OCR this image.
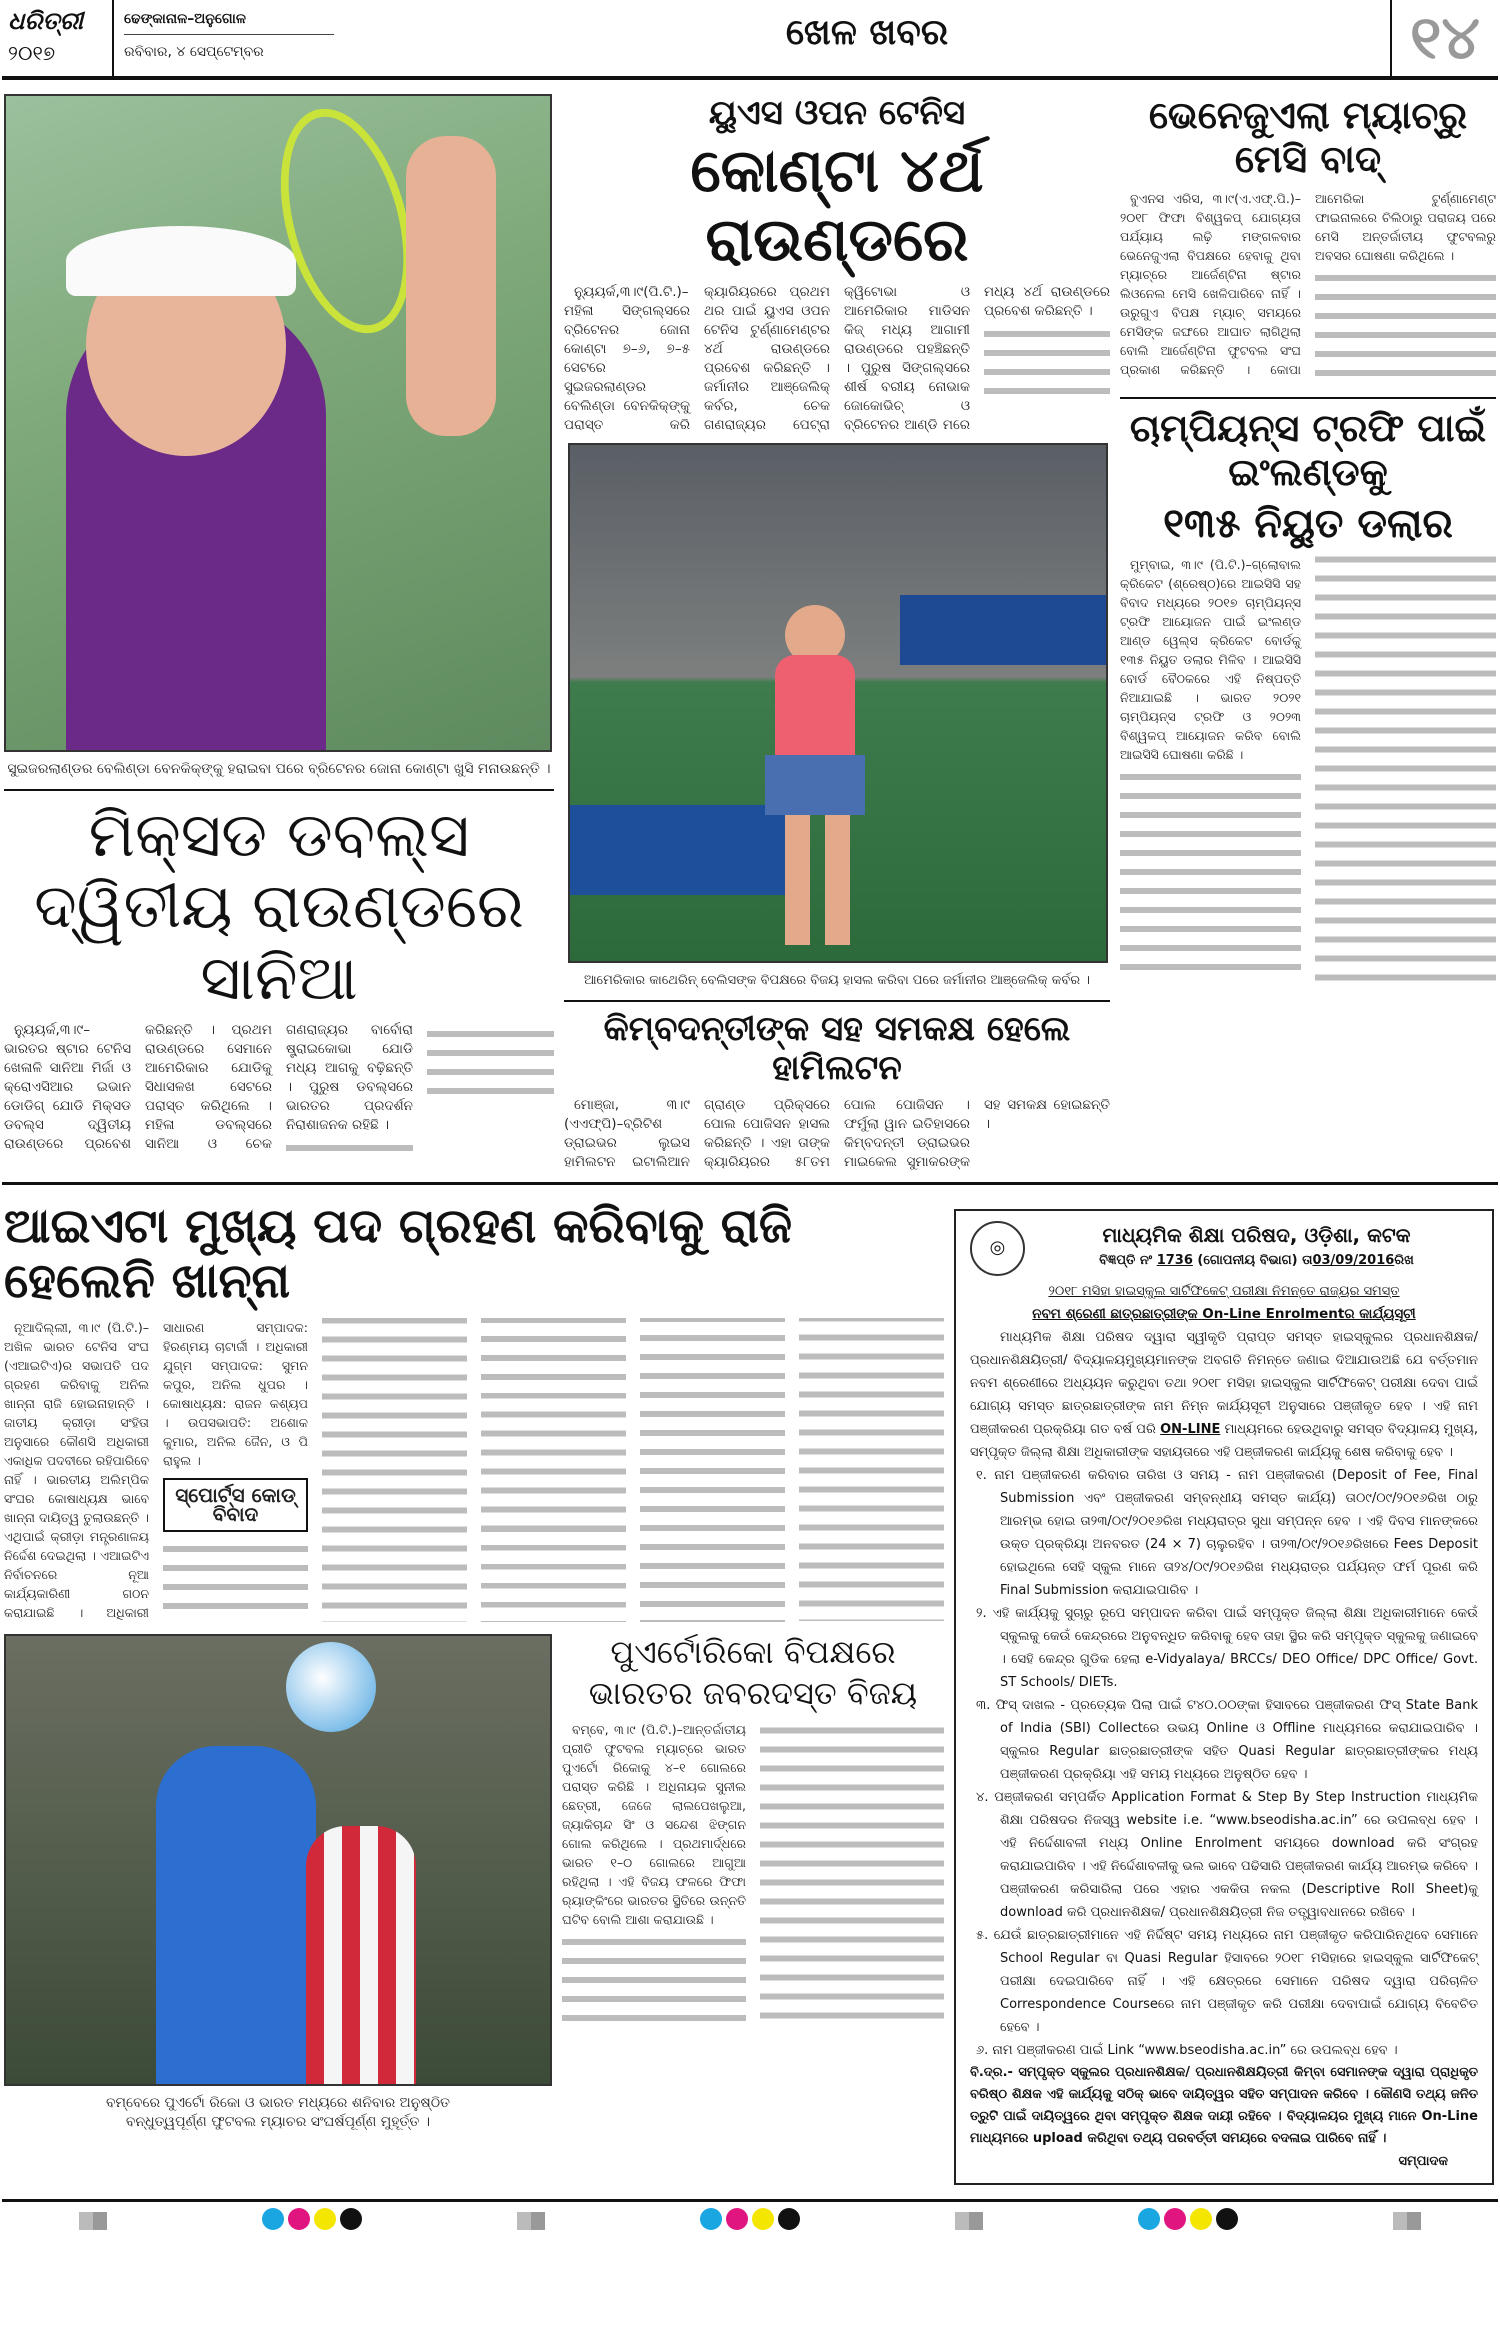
ଧରିତ୍ରୀ
୨୦୧୭
ଢେଙ୍କାନାଳ–ଅନୁଗୋଳ
ରବିବାର, ୪ ସେପ୍ଟେମ୍ବର	ଖେଳ ଖବର	୧୪
ସୁଇଜରଲାଣ୍ଡର ବେଲିଣ୍ଡା ବେନକିକ୍‌ଙ୍କୁ ହରାଇବା ପରେ ବ୍ରିଟେନର ଜୋନା କୋଣ୍ଟା ଖୁସି ମନାଉଛନ୍ତି ।
ମିକ୍ସଡ ଡବଲ୍ସ ଦ୍ୱିତୀୟ ରାଉଣ୍ଡରେ ସାନିଆ

ନ୍ୟୁୟର୍କ,୩।୯–ଭାରତର ଷ୍ଟାର ଟେନିସ ଖେଳାଳି ସାନିଆ ମିର୍ଜା ଓ କ୍ରୋଏସିଆର ଇଭାନ ଡୋଡିଗ୍ ଯୋଡି ମିକ୍ସଡ ଡବଲ୍ସ ଦ୍ୱିତୀୟ ରାଉଣ୍ଡରେ ପ୍ରବେଶ କରିଛନ୍ତି । ପ୍ରଥମ ରାଉଣ୍ଡରେ ସେମାନେ ଆମେରିକାର ଯୋଡିକୁ ସିଧାସଳଖ ସେଟରେ ପରାସ୍ତ କରିଥିଲେ । ମହିଳା ଡବଲ୍ସରେ ସାନିଆ ଓ ଚେକ ଗଣରାଜ୍ୟର ବାର୍ବୋରା ଷ୍ଟ୍ରାଇକୋଭା ଯୋଡି ମଧ୍ୟ ଆଗକୁ ବଢ଼ିଛନ୍ତି । ପୁରୁଷ ଡବଲ୍ସରେ ଭାରତର ପ୍ରଦର୍ଶନ ନିରାଶାଜନକ ରହିଛି ।

ୟୁଏସ ଓପନ ଟେନିସ
କୋଣ୍ଟା ୪ର୍ଥ ରାଉଣ୍ଡରେ

ନ୍ୟୁୟର୍କ,୩।୯(ପି.ଟି.)– ମହିଳା ସିଙ୍ଗଲ୍‌ସରେ ବ୍ରିଟେନର ଜୋନା କୋଣ୍ଟା ୭–୬, ୭–୫ ସେଟରେ ସୁଇଜରଲାଣ୍ଡର ବେଲିଣ୍ଡା ବେନକିକ୍‌ଙ୍କୁ ପରାସ୍ତ କରି କ୍ୟାରିୟରରେ ପ୍ରଥମ ଥର ପାଇଁ ୟୁଏସ ଓପନ ଟେନିସ ଟୁର୍ଣ୍ଣାମେଣ୍ଟର ୪ର୍ଥ ରାଉଣ୍ଡରେ ପ୍ରବେଶ କରିଛନ୍ତି । ଜର୍ମାନୀର ଆଞ୍ଜେଲିକ୍ କର୍ବର, ଚେକ ଗଣରାଜ୍ୟର ପେଟ୍ରା କ୍ୱିଟୋଭା ଓ ଆମେରିକାର ମାଡିସନ କିଜ୍ ମଧ୍ୟ ଆଗାମୀ ରାଉଣ୍ଡରେ ପହଞ୍ଚିଛନ୍ତି । ପୁରୁଷ ସିଙ୍ଗଲ୍‌ସରେ ଶୀର୍ଷ ବରୀୟ ନୋଭାକ ଜୋକୋଭିଚ୍ ଓ ବ୍ରିଟେନର ଆଣ୍ଡି ମରେ ମଧ୍ୟ ୪ର୍ଥ ରାଉଣ୍ଡରେ ପ୍ରବେଶ କରିଛନ୍ତି ।

ଆମେରିକାର କାଥେରିନ୍ ବେଲିସଙ୍କ ବିପକ୍ଷରେ ବିଜୟ ହାସଲ କରିବା ପରେ ଜର୍ମାନୀର ଆଞ୍ଜେଲିକ୍ କର୍ବର ।
କିମ୍ବଦନ୍ତୀଙ୍କ ସହ ସମକକ୍ଷ ହେଲେ ହାମିଲଟନ

ମୋଞ୍ଜା, ୩।୯ (ଏଏଫ୍‌ପି)–ବ୍ରିଟିଶ ଡ୍ରାଇଭର ଲୁଇସ ହାମିଲଟନ ଇଟାଲିଆନ ଗ୍ରାଣ୍ଡ ପ୍ରିକ୍ସରେ ପୋଲ ପୋଜିସନ ହାସଲ କରିଛନ୍ତି । ଏହା ତାଙ୍କ କ୍ୟାରିୟରର ୫୮ତମ ପୋଲ ପୋଜିସନ । ଫର୍ମୁଲା ୱାନ ଇତିହାସରେ କିମ୍ବଦନ୍ତୀ ଡ୍ରାଇଭର ମାଇକେଲ ସୁମାକରଙ୍କ ସହ ସମକକ୍ଷ ହୋଇଛନ୍ତି ।

ଭେନେଜୁଏଲା ମ୍ୟାଚ୍‌ରୁ ମେସି ବାଦ୍

ବୁଏନସ ଏରିସ, ୩।୯(ଏ.ଏଫ୍.ପି.)– ୨୦୧୮ ଫିଫା ବିଶ୍ୱକପ୍ ଯୋଗ୍ୟତା ପର୍ଯ୍ୟାୟ ଲଢ଼ି ମଙ୍ଗଳବାର ଭେନେଜୁଏଲା ବିପକ୍ଷରେ ହେବାକୁ ଥିବା ମ୍ୟାଚ୍‌ରେ ଆର୍ଜେଣ୍ଟିନା ଷ୍ଟାର ଲିଓନେଲ ମେସି ଖେଳିପାରିବେ ନାହିଁ । ଉରୁଗୁଏ ବିପକ୍ଷ ମ୍ୟାଚ୍ ସମୟରେ ମେସିଙ୍କ ଜଙ୍ଘରେ ଆଘାତ ଲାଗିଥିଲା ବୋଲି ଆର୍ଜେଣ୍ଟିନା ଫୁଟବଲ ସଂଘ ପ୍ରକାଶ କରିଛନ୍ତି । କୋପା ଆମେରିକା ଟୁର୍ଣ୍ଣାମେଣ୍ଟ ଫାଇନାଲରେ ଚିଲିଠାରୁ ପରାଜୟ ପରେ ମେସି ଅନ୍ତର୍ଜାତୀୟ ଫୁଟବଲରୁ ଅବସର ଘୋଷଣା କରିଥିଲେ ।

ଚାମ୍ପିୟନ୍ସ ଟ୍ରଫି ପାଇଁ ଇଂଲଣ୍ଡକୁ
୧୩୫ ନିୟୁତ ଡଲାର

ମୁମ୍ବାଇ, ୩।୯ (ପି.ଟି.)–ଗ୍ଲୋବାଲ କ୍ରିକେଟ (ଶ୍ରେଷ୍ଠ)ରେ ଆଇସିସି ସହ ବିବାଦ ମଧ୍ୟରେ ୨୦୧୭ ଚାମ୍ପିୟନ୍ସ ଟ୍ରଫି ଆୟୋଜନ ପାଇଁ ଇଂଲଣ୍ଡ ଆଣ୍ଡ ୱେଲ୍‌ସ କ୍ରିକେଟ ବୋର୍ଡକୁ ୧୩୫ ନିୟୁତ ଡଲାର ମିଳିବ । ଆଇସିସି ବୋର୍ଡ ବୈଠକରେ ଏହି ନିଷ୍ପତ୍ତି ନିଆଯାଇଛି । ଭାରତ ୨୦୨୧ ଚାମ୍ପିୟନ୍ସ ଟ୍ରଫି ଓ ୨୦୨୩ ବିଶ୍ୱକପ୍ ଆୟୋଜନ କରିବ ବୋଲି ଆଇସିସି ଘୋଷଣା କରିଛି ।

ଆଇଏଟା ମୁଖ୍ୟ ପଦ ଗ୍ରହଣ କରିବାକୁ ରାଜି ହେଲେନି ଖାନ୍ନା

ନୂଆଦିଲ୍ଲୀ, ୩।୯ (ପି.ଟି.)– ଅଖିଳ ଭାରତ ଟେନିସ ସଂଘ (ଏଆଇଟିଏ)ର ସଭାପତି ପଦ ଗ୍ରହଣ କରିବାକୁ ଅନିଲ ଖାନ୍ନା ରାଜି ହୋଇନାହାନ୍ତି । ଜାତୀୟ କ୍ରୀଡ଼ା ସଂହିତା ଅନୁସାରେ କୌଣସି ଅଧିକାରୀ ଏକାଧିକ ପଦବୀରେ ରହିପାରିବେ ନାହିଁ । ଭାରତୀୟ ଅଲିମ୍ପିକ ସଂଘର କୋଷାଧ୍ୟକ୍ଷ ଭାବେ ଖାନ୍ନା ଦାୟିତ୍ୱ ତୁଲାଉଛନ୍ତି । ଏଥିପାଇଁ କ୍ରୀଡ଼ା ମନ୍ତ୍ରଣାଳୟ ନିର୍ଦ୍ଦେଶ ଦେଇଥିଲା । ଏଆଇଟିଏ ନିର୍ବାଚନରେ ନୂଆ କାର୍ଯ୍ୟକାରିଣୀ ଗଠନ କରାଯାଇଛି । ଅଧିକାରୀ ସାଧାରଣ ସମ୍ପାଦକ: ହିରଣ୍ମୟ ଚାଟାର୍ଜୀ । ଅଧିକାରୀ ଯୁଗ୍ମ ସମ୍ପାଦକ: ସୁମନ କପୁର, ଅନିଲ ଧୁପର । କୋଷାଧ୍ୟକ୍ଷ: ରାଜନ କଶ୍ୟପ । ଉପସଭାପତି: ଅଶୋକ କୁମାର, ଅନିଲ ଜୈନ, ଓ ପି ରାହୁଲ ।

ସ୍ପୋର୍ଟ୍ସ କୋଡ୍ ବିବାଦ
ବମ୍ବେରେ ପୁଏର୍ଟୋ ରିକୋ ଓ ଭାରତ ମଧ୍ୟରେ ଶନିବାର ଅନୁଷ୍ଠିତ
ବନ୍ଧୁତ୍ୱପୂର୍ଣ୍ଣ ଫୁଟବଲ ମ୍ୟାଚର ସଂଘର୍ଷପୂର୍ଣ୍ଣ ମୁହୂର୍ତ୍ତ ।
ପୁଏର୍ଟୋରିକୋ ବିପକ୍ଷରେ
ଭାରତର ଜବରଦସ୍ତ ବିଜୟ

ବମ୍ବେ, ୩।୯ (ପି.ଟି.)–ଆନ୍ତର୍ଜାତୀୟ ପ୍ରୀତି ଫୁଟବଲ ମ୍ୟାଚ୍‌ରେ ଭାରତ ପୁଏର୍ଟୋ ରିକୋକୁ ୪–୧ ଗୋଲରେ ପରାସ୍ତ କରିଛି । ଅଧିନାୟକ ସୁନୀଲ ଛେତ୍ରୀ, ଜେଜେ ଲାଲପେଖଲୁଆ, ଜ୍ୟାକିଚାନ୍ଦ ସିଂ ଓ ସନ୍ଦେଶ ଝିଙ୍ଗନ ଗୋଲ କରିଥିଲେ । ପ୍ରଥମାର୍ଦ୍ଧରେ ଭାରତ ୧–୦ ଗୋଲରେ ଆଗୁଆ ରହିଥିଲା । ଏହି ବିଜୟ ଫଳରେ ଫିଫା ର‌୍ୟାଙ୍କିଂରେ ଭାରତର ସ୍ଥିତିରେ ଉନ୍ନତି ଘଟିବ ବୋଲି ଆଶା କରାଯାଉଛି ।

◎
ମାଧ୍ୟମିକ ଶିକ୍ଷା ପରିଷଦ, ଓଡ଼ିଶା, କଟକ
ବିଜ୍ଞପ୍ତି ନଂ 1736 (ଗୋପନୀୟ ବିଭାଗ) ତା03/09/2016ରିଖ
୨୦୧୮ ମସିହା ହାଇସ୍କୁଲ ସାର୍ଟିଫିକେଟ୍ ପରୀକ୍ଷା ନିମନ୍ତେ ରାଜ୍ୟର ସମସ୍ତ
ନବମ ଶ୍ରେଣୀ ଛାତ୍ରଛାତ୍ରୀଙ୍କ On-Line Enrolmentର କାର୍ଯ୍ୟସୂଚୀ
ମାଧ୍ୟମିକ ଶିକ୍ଷା ପରିଷଦ ଦ୍ୱାରା ସ୍ୱୀକୃତି ପ୍ରାପ୍ତ ସମସ୍ତ ହାଇସ୍କୁଲର ପ୍ରଧାନଶିକ୍ଷକ/ ପ୍ରଧାନଶିକ୍ଷୟିତ୍ରୀ/ ବିଦ୍ୟାଳୟମୁଖ୍ୟମାନଙ୍କ ଅବଗତି ନିମନ୍ତେ ଜଣାଇ ଦିଆଯାଉଅଛି ଯେ ବର୍ତ୍ତମାନ ନବମ ଶ୍ରେଣୀରେ ଅଧ୍ୟୟନ କରୁଥିବା ତଥା ୨୦୧୮ ମସିହା ହାଇସ୍କୁଲ ସାର୍ଟିଫିକେଟ୍ ପରୀକ୍ଷା ଦେବା ପାଇଁ ଯୋଗ୍ୟ ସମସ୍ତ ଛାତ୍ରଛାତ୍ରୀଙ୍କ ନାମ ନିମ୍ନ କାର୍ଯ୍ୟସୂଚୀ ଅନୁସାରେ ପଞ୍ଜୀକୃତ ହେବ । ଏହି ନାମ ପଞ୍ଜୀକରଣ ପ୍ରକ୍ରିୟା ଗତ ବର୍ଷ ପରି ON-LINE ମାଧ୍ୟମରେ ହେଉଥିବାରୁ ସମସ୍ତ ବିଦ୍ୟାଳୟ ମୁଖ୍ୟ, ସମ୍ପୃକ୍ତ ଜିଲ୍ଲା ଶିକ୍ଷା ଅଧିକାରୀଙ୍କ ସହାୟତାରେ ଏହି ପଞ୍ଜୀକରଣ କାର୍ଯ୍ୟକୁ ଶେଷ କରିବାକୁ ହେବ ।
୧. ନାମ ପଞ୍ଜୀକରଣ କରିବାର ତାରିଖ ଓ ସମୟ - ନାମ ପଞ୍ଜୀକରଣ (Deposit of Fee, Final Submission ଏବଂ ପଞ୍ଜୀକରଣ ସମ୍ବନ୍ଧୀୟ ସମସ୍ତ କାର୍ଯ୍ୟ) ତା୦୯/୦୯/୨୦୧୬ରିଖ ଠାରୁ ଆରମ୍ଭ ହୋଇ ତା୨୩/୦୯/୨୦୧୬ରିଖ ମଧ୍ୟରାତ୍ର ସୁଧା ସମ୍ପନ୍ନ ହେବ । ଏହି ଦିବସ ମାନଙ୍କରେ ଉକ୍ତ ପ୍ରକ୍ରିୟା ଅନବରତ (24 × 7) ଚାଲୁରହିବ । ତା୨୩/୦୯/୨୦୧୬ରିଖରେ Fees Deposit ହୋଇଥିଲେ ସେହି ସ୍କୁଲ ମାନେ ତା୨୪/୦୯/୨୦୧୬ରିଖ ମଧ୍ୟରାତ୍ର ପର୍ଯ୍ୟନ୍ତ ଫର୍ମ ପୂରଣ କରି Final Submission କରାଯାଇପାରିବ ।
୨. ଏହି କାର୍ଯ୍ୟକୁ ସୁଚାରୁ ରୂପେ ସମ୍ପାଦନ କରିବା ପାଇଁ ସମ୍ପୃକ୍ତ ଜିଲ୍ଲା ଶିକ୍ଷା ଅଧିକାରୀମାନେ କେଉଁ ସ୍କୁଲକୁ କେଉଁ କେନ୍ଦ୍ରରେ ଅନୁବନ୍ଧିତ କରିବାକୁ ହେବ ତାହା ସ୍ଥିର କରି ସମ୍ପୃକ୍ତ ସ୍କୁଲକୁ ଜଣାଇବେ । ସେହି କେନ୍ଦ୍ର ଗୁଡିକ ହେଲା e-Vidyalaya/ BRCCs/ DEO Office/ DPC Office/ Govt. ST Schools/ DIETs.
୩. ଫିସ୍ ଦାଖଲ - ପ୍ରତ୍ୟେକ ପିଲା ପାଇଁ ଟ୪୦.୦୦ଙ୍କା ହିସାବରେ ପଞ୍ଜୀକରଣ ଫିସ୍ State Bank of India (SBI) Collectରେ ଉଭୟ Online ଓ Offline ମାଧ୍ୟମରେ କରାଯାଇପାରିବ । ସ୍କୁଲର Regular ଛାତ୍ରଛାତ୍ରୀଙ୍କ ସହିତ Quasi Regular ଛାତ୍ରଛାତ୍ରୀଙ୍କର ମଧ୍ୟ ପଞ୍ଜୀକରଣ ପ୍ରକ୍ରିୟା ଏହି ସମୟ ମଧ୍ୟରେ ଅନୁଷ୍ଠିତ ହେବ ।
୪. ପଞ୍ଜୀକରଣ ସମ୍ପର୍କିତ Application Format & Step By Step Instruction ମାଧ୍ୟମିକ ଶିକ୍ଷା ପରିଷଦର ନିଜସ୍ୱ website i.e. “www.bseodisha.ac.in” ରେ ଉପଲବ୍ଧ ହେବ । ଏହି ନିର୍ଦ୍ଦେଶାବଳୀ ମଧ୍ୟ Online Enrolment ସମୟରେ download କରି ସଂଗ୍ରହ କରାଯାଇପାରିବ । ଏହି ନିର୍ଦ୍ଦେଶାବଳୀକୁ ଭଲ ଭାବେ ପଢିସାରି ପଞ୍ଜୀକରଣ କାର୍ଯ୍ୟ ଆରମ୍ଭ କରିବେ । ପଞ୍ଜୀକରଣ କରିସାରିଲା ପରେ ଏହାର ଏକକିତା ନକଲ (Descriptive Roll Sheet)କୁ download କରି ପ୍ରଧାନଶିକ୍ଷକ/ ପ୍ରଧାନଶିକ୍ଷୟିତ୍ରୀ ନିଜ ତତ୍ତ୍ୱାବଧାନରେ ରଖିବେ ।
୫. ଯେଉଁ ଛାତ୍ରଛାତ୍ରୀମାନେ ଏହି ନିର୍ଦ୍ଦିଷ୍ଟ ସମୟ ମଧ୍ୟରେ ନାମ ପଞ୍ଜୀକୃତ କରିପାରିନଥିବେ ସେମାନେ School Regular ବା Quasi Regular ହିସାବରେ ୨୦୧୮ ମସିହାରେ ହାଇସ୍କୁଲ ସାର୍ଟିଫିକେଟ୍ ପରୀକ୍ଷା ଦେଇପାରିବେ ନାହିଁ । ଏହି କ୍ଷେତ୍ରରେ ସେମାନେ ପରିଷଦ ଦ୍ୱାରା ପରିଚାଳିତ Correspondence Courseରେ ନାମ ପଞ୍ଜୀକୃତ କରି ପରୀକ୍ଷା ଦେବାପାଇଁ ଯୋଗ୍ୟ ବିବେଚିତ ହେବେ ।
୬. ନାମ ପଞ୍ଜୀକରଣ ପାଇଁ Link “www.bseodisha.ac.in” ରେ ଉପଲବ୍ଧ ହେବ ।
ବି.ଦ୍ର.- ସମ୍ପୃକ୍ତ ସ୍କୁଲର ପ୍ରଧାନଶିକ୍ଷକ/ ପ୍ରଧାନଶିକ୍ଷୟିତ୍ରୀ କିମ୍ବା ସେମାନଙ୍କ ଦ୍ୱାରା ପ୍ରାଧିକୃତ ବରିଷ୍ଠ ଶିକ୍ଷକ ଏହି କାର୍ଯ୍ୟକୁ ସଠିକ୍ ଭାବେ ଦାୟିତ୍ୱର ସହିତ ସମ୍ପାଦନ କରିବେ । କୌଣସି ତଥ୍ୟ ଜନିତ ତ୍ରୁଟି ପାଇଁ ଦାୟିତ୍ୱରେ ଥିବା ସମ୍ପୃକ୍ତ ଶିକ୍ଷକ ଦାୟୀ ରହିବେ । ବିଦ୍ୟାଳୟର ମୁଖ୍ୟ ମାନେ On-Line ମାଧ୍ୟମରେ upload କରିଥିବା ତଥ୍ୟ ପରବର୍ତ୍ତୀ ସମୟରେ ବଦଳାଇ ପାରିବେ ନାହିଁ ।
ସମ୍ପାଦକ
